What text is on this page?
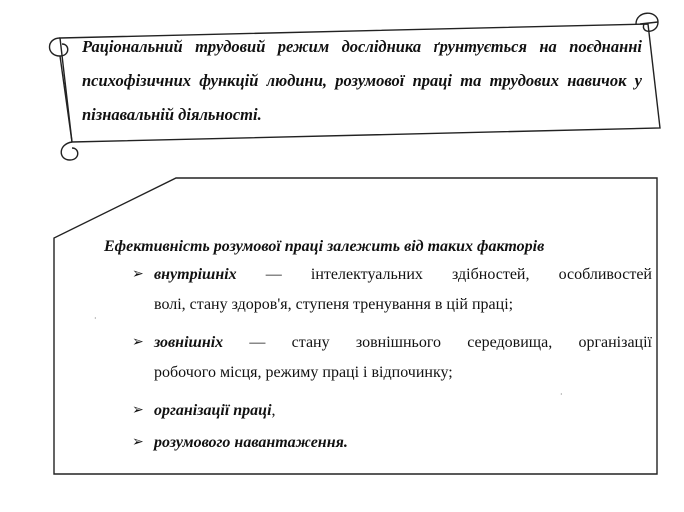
Раціональний трудовий режим дослідника ґрунтується на поєднанні психофізичних функцій людини, розумової праці та трудових навичок у пізнавальній діяльності.
Ефективність розумової праці залежить від таких факторів
➢ внутрішніх — інтелектуальних здібностей, особливостей
волі, стану здоров'я, ступеня тренування в цій праці;
➢ зовнішніх — стану зовнішнього середовища, організації
робочого місця, режиму праці і відпочинку;
➢ організації праці,
➢ розумового навантаження.
·
·
